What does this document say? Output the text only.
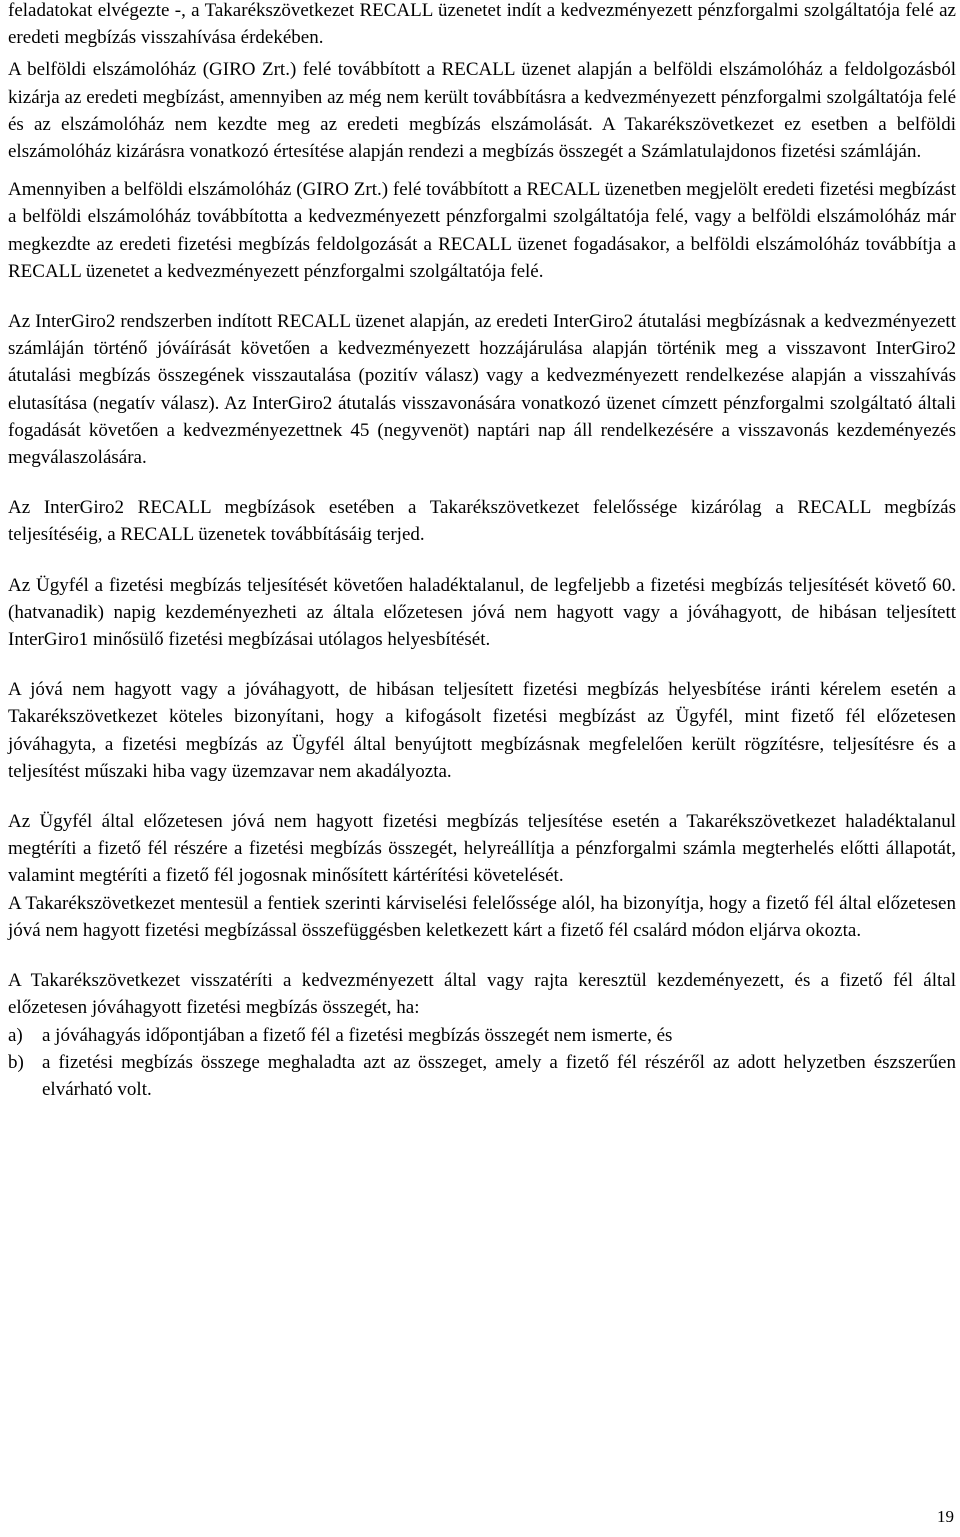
feladatokat elvégezte -, a Takarékszövetkezet RECALL üzenetet indít a kedvezményezett pénzforgalmi szolgáltatója felé az eredeti megbízás visszahívása érdekében.

A belföldi elszámolóház (GIRO Zrt.) felé továbbított a RECALL üzenet alapján a belföldi elszámolóház a feldolgozásból kizárja az eredeti megbízást, amennyiben az még nem került továbbításra a kedvezményezett pénzforgalmi szolgáltatója felé és az elszámolóház nem kezdte meg az eredeti megbízás elszámolását. A Takarékszövetkezet ez esetben a belföldi elszámolóház kizárásra vonatkozó értesítése alapján rendezi a megbízás összegét a Számlatulajdonos fizetési számláján.

Amennyiben a belföldi elszámolóház (GIRO Zrt.) felé továbbított a RECALL üzenetben megjelölt eredeti fizetési megbízást a belföldi elszámolóház továbbította a kedvezményezett pénzforgalmi szolgáltatója felé, vagy a belföldi elszámolóház már megkezdte az eredeti fizetési megbízás feldolgozását a RECALL üzenet fogadásakor, a belföldi elszámolóház továbbítja a RECALL üzenetet a kedvezményezett pénzforgalmi szolgáltatója felé.

Az InterGiro2 rendszerben indított RECALL üzenet alapján, az eredeti InterGiro2 átutalási megbízásnak a kedvezményezett számláján történő jóváírását követően a kedvezményezett hozzájárulása alapján történik meg a visszavont InterGiro2 átutalási megbízás összegének visszautalása (pozitív válasz) vagy a kedvezményezett rendelkezése alapján a visszahívás elutasítása (negatív válasz). Az InterGiro2 átutalás visszavonására vonatkozó üzenet címzett pénzforgalmi szolgáltató általi fogadását követően a kedvezményezettnek 45 (negyvenöt) naptári nap áll rendelkezésére a visszavonás kezdeményezés megválaszolására.

Az InterGiro2 RECALL megbízások esetében a Takarékszövetkezet felelőssége kizárólag a RECALL megbízás teljesítéséig, a RECALL üzenetek továbbításáig terjed.

Az Ügyfél a fizetési megbízás teljesítését követően haladéktalanul, de legfeljebb a fizetési megbízás teljesítését követő 60. (hatvanadik) napig kezdeményezheti az általa előzetesen jóvá nem hagyott vagy a jóváhagyott, de hibásan teljesített InterGiro1 minősülő fizetési megbízásai utólagos helyesbítését.

A jóvá nem hagyott vagy a jóváhagyott, de hibásan teljesített fizetési megbízás helyesbítése iránti kérelem esetén a Takarékszövetkezet köteles bizonyítani, hogy a kifogásolt fizetési megbízást az Ügyfél, mint fizető fél előzetesen jóváhagyta, a fizetési megbízás az Ügyfél által benyújtott megbízásnak megfelelően került rögzítésre, teljesítésre és a teljesítést műszaki hiba vagy üzemzavar nem akadályozta.

Az Ügyfél által előzetesen jóvá nem hagyott fizetési megbízás teljesítése esetén a Takarékszövetkezet haladéktalanul megtéríti a fizető fél részére a fizetési megbízás összegét, helyreállítja a pénzforgalmi számla megterhelés előtti állapotát, valamint megtéríti a fizető fél jogosnak minősített kártérítési követelését.

A Takarékszövetkezet mentesül a fentiek szerinti kárviselési felelőssége alól, ha bizonyítja, hogy a fizető fél által előzetesen jóvá nem hagyott fizetési megbízással összefüggésben keletkezett kárt a fizető fél csalárd módon eljárva okozta.

A Takarékszövetkezet visszatéríti a kedvezményezett által vagy rajta keresztül kezdeményezett, és a fizető fél által előzetesen jóváhagyott fizetési megbízás összegét, ha:

a)	a jóváhagyás időpontjában a fizető fél a fizetési megbízás összegét nem ismerte, és
b) a fizetési megbízás összege meghaladta azt az összeget, amely a fizető fél részéről az adott helyzetben észszerűen elvárható volt.
19
